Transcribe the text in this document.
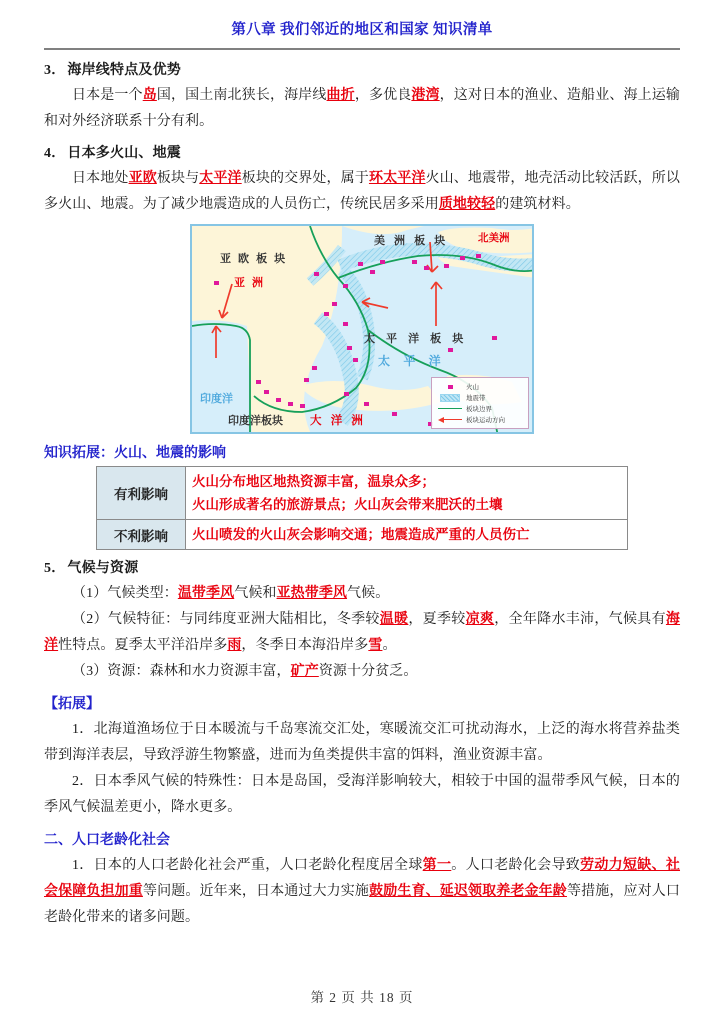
第八章 我们邻近的地区和国家 知识清单
3． 海岸线特点及优势

日本是一个岛国，国土南北狭长，海岸线曲折，多优良港湾，这对日本的渔业、造船业、海上运输和对外经济联系十分有利。

4． 日本多火山、地震

日本地处亚欧板块与太平洋板块的交界处，属于环太平洋火山、地震带，地壳活动比较活跃，所以多火山、地震。为了减少地震造成的人员伤亡，传统民居多采用质地较轻的建筑材料。

亚 欧 板 块
亚 洲
美 洲 板 块	北美洲
太 平 洋 板 块
太 平 洋
印度洋
印度洋板块 大 洋 洲
火山
地震带
板块边界
板块运动方向
知识拓展：火山、地震的影响
有利影响	火山分布地区地热资源丰富，温泉众多；
火山形成著名的旅游景点；火山灰会带来肥沃的土壤

不利影响	火山喷发的火山灰会影响交通；地震造成严重的人员伤亡
5． 气候与资源

（1）气候类型：温带季风气候和亚热带季风气候。

（2）气候特征：与同纬度亚洲大陆相比，冬季较温暖，夏季较凉爽，全年降水丰沛，气候具有海洋性特点。夏季太平洋沿岸多雨，冬季日本海沿岸多雪。

（3）资源：森林和水力资源丰富，矿产资源十分贫乏。

【拓展】

1．北海道渔场位于日本暖流与千岛寒流交汇处，寒暖流交汇可扰动海水，上泛的海水将营养盐类带到海洋表层，导致浮游生物繁盛，进而为鱼类提供丰富的饵料，渔业资源丰富。

2．日本季风气候的特殊性：日本是岛国，受海洋影响较大，相较于中国的温带季风气候，日本的季风气候温差更小，降水更多。

二、人口老龄化社会

1．日本的人口老龄化社会严重，人口老龄化程度居全球第一。人口老龄化会导致劳动力短缺、社会保障负担加重等问题。近年来，日本通过大力实施鼓励生育、延迟领取养老金年龄等措施，应对人口老龄化带来的诸多问题。

第 2 页 共 18 页
